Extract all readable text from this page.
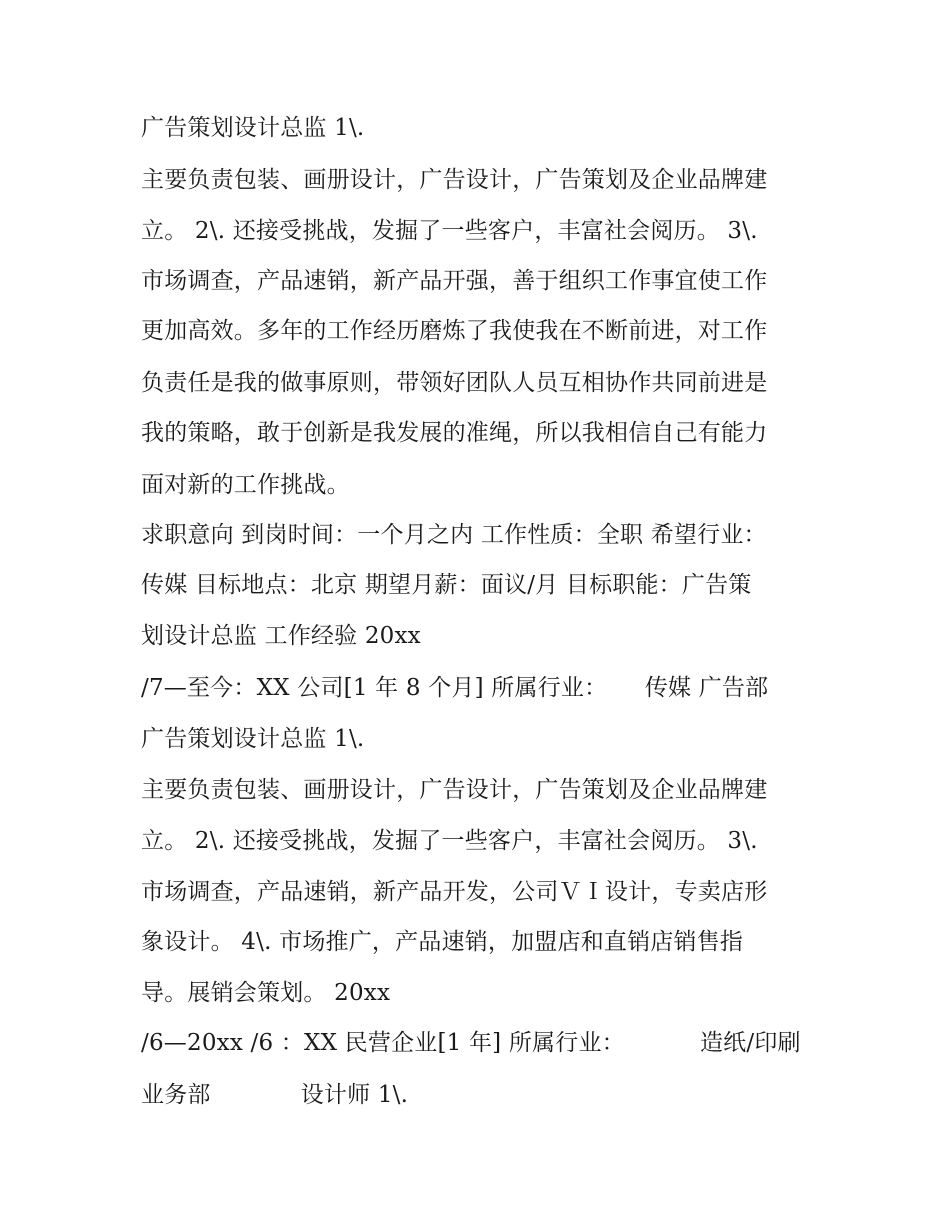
广告策划设计总监 1\.
主要负责包装、画册设计，广告设计，广告策划及企业品牌建
立。 2\. 还接受挑战，发掘了一些客户，丰富社会阅历。 3\.
市场调查，产品速销，新产品开强，善于组织工作事宜使工作
更加高效。多年的工作经历磨炼了我使我在不断前进，对工作
负责任是我的做事原则，带领好团队人员互相协作共同前进是
我的策略，敢于创新是我发展的准绳，所以我相信自己有能力
面对新的工作挑战。
求职意向 到岗时间：一个月之内 工作性质：全职 希望行业：
传媒 目标地点：北京 期望月薪：面议/月 目标职能：广告策
划设计总监 工作经验 20xx
/7—至今：XX 公司[1 年 8 个月] 所属行业：     传媒 广告部
广告策划设计总监 1\.
主要负责包装、画册设计，广告设计，广告策划及企业品牌建
立。 2\. 还接受挑战，发掘了一些客户，丰富社会阅历。 3\.
市场调查，产品速销，新产品开发，公司ＶＩ设计，专卖店形
象设计。 4\. 市场推广，产品速销，加盟店和直销店销售指
导。展销会策划。 20xx
/6—20xx /6 ：XX 民营企业[1 年] 所属行业：          造纸/印刷
业务部            设计师 1\.
